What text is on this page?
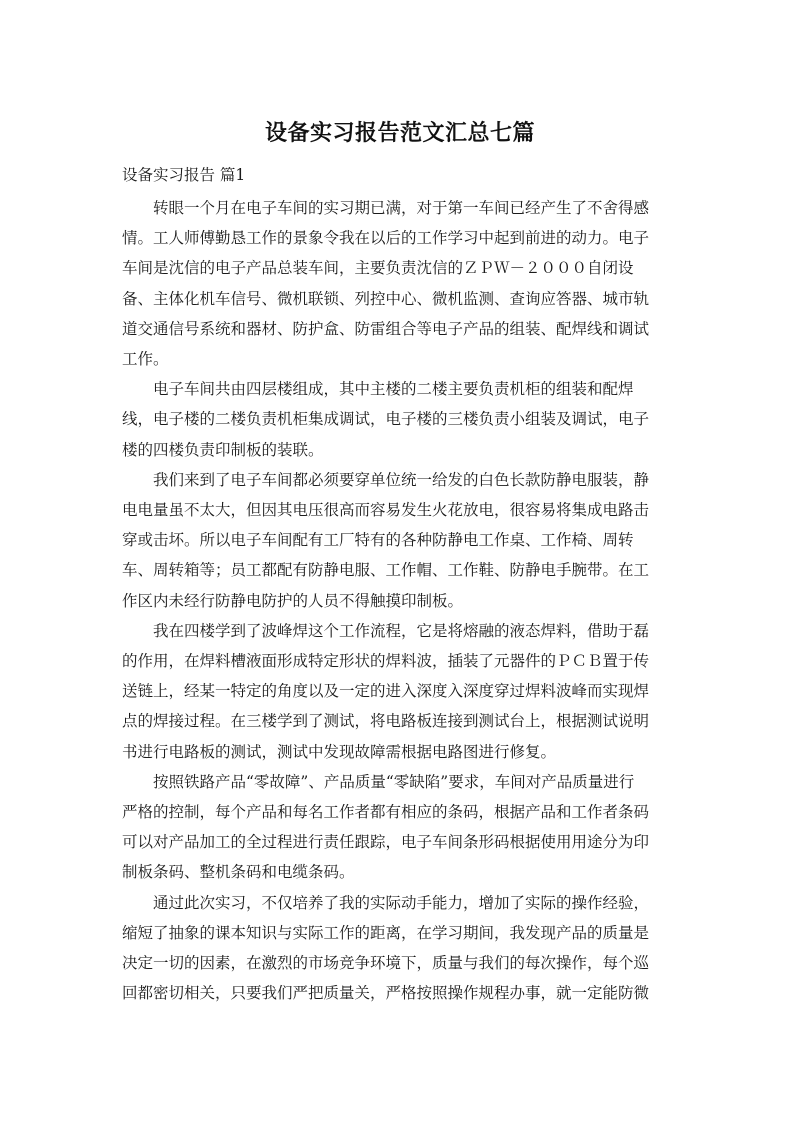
设备实习报告范文汇总七篇
设备实习报告 篇1
转眼一个月在电子车间的实习期已满，对于第一车间已经产生了不舍得感
情。工人师傅勤恳工作的景象令我在以后的工作学习中起到前进的动力。电子
车间是沈信的电子产品总装车间，主要负责沈信的ＺＰＷ－２０００自闭设
备、主体化机车信号、微机联锁、列控中心、微机监测、查询应答器、城市轨
道交通信号系统和器材、防护盒、防雷组合等电子产品的组装、配焊线和调试
工作。
电子车间共由四层楼组成，其中主楼的二楼主要负责机柜的组装和配焊
线，电子楼的二楼负责机柜集成调试，电子楼的三楼负责小组装及调试，电子
楼的四楼负责印制板的装联。
我们来到了电子车间都必须要穿单位统一给发的白色长款防静电服装，静
电电量虽不太大，但因其电压很高而容易发生火花放电，很容易将集成电路击
穿或击坏。所以电子车间配有工厂特有的各种防静电工作桌、工作椅、周转
车、周转箱等；员工都配有防静电服、工作帽、工作鞋、防静电手腕带。在工
作区内未经行防静电防护的人员不得触摸印制板。
我在四楼学到了波峰焊这个工作流程，它是将熔融的液态焊料，借助于磊
的作用，在焊料槽液面形成特定形状的焊料波，插装了元器件的ＰＣＢ置于传
送链上，经某一特定的角度以及一定的进入深度入深度穿过焊料波峰而实现焊
点的焊接过程。在三楼学到了测试，将电路板连接到测试台上，根据测试说明
书进行电路板的测试，测试中发现故障需根据电路图进行修复。
按照铁路产品“零故障”、产品质量“零缺陷”要求，车间对产品质量进行
严格的控制，每个产品和每名工作者都有相应的条码，根据产品和工作者条码
可以对产品加工的全过程进行责任跟踪，电子车间条形码根据使用用途分为印
制板条码、整机条码和电缆条码。
通过此次实习，不仅培养了我的实际动手能力，增加了实际的操作经验，
缩短了抽象的课本知识与实际工作的距离，在学习期间，我发现产品的质量是
决定一切的因素，在激烈的市场竞争环境下，质量与我们的每次操作，每个巡
回都密切相关，只要我们严把质量关，严格按照操作规程办事，就一定能防微
